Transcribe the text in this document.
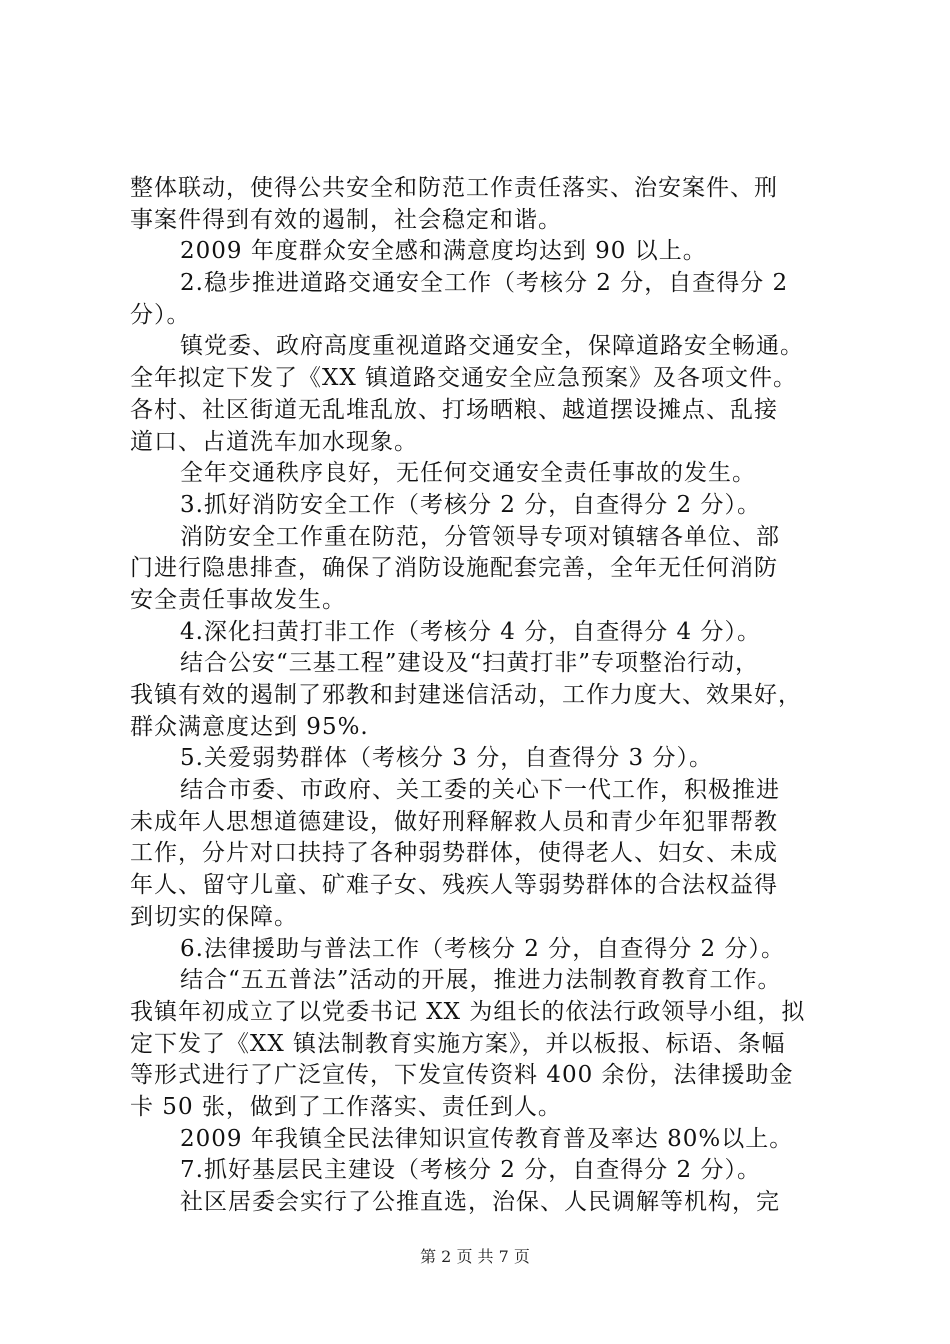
整体联动，使得公共安全和防范工作责任落实、治安案件、刑
事案件得到有效的遏制，社会稳定和谐。
2009 年度群众安全感和满意度均达到 90 以上。
2.稳步推进道路交通安全工作（考核分 2 分，自查得分 2
分）。
镇党委、政府高度重视道路交通安全，保障道路安全畅通。
全年拟定下发了《XX 镇道路交通安全应急预案》及各项文件。
各村、社区街道无乱堆乱放、打场晒粮、越道摆设摊点、乱接
道口、占道洗车加水现象。
全年交通秩序良好，无任何交通安全责任事故的发生。
3.抓好消防安全工作（考核分 2 分，自查得分 2 分）。
消防安全工作重在防范，分管领导专项对镇辖各单位、部
门进行隐患排查，确保了消防设施配套完善，全年无任何消防
安全责任事故发生。
4.深化扫黄打非工作（考核分 4 分，自查得分 4 分）。
结合公安“三基工程”建设及“扫黄打非”专项整治行动，
我镇有效的遏制了邪教和封建迷信活动，工作力度大、效果好，
群众满意度达到 95%.
5.关爱弱势群体（考核分 3 分，自查得分 3 分）。
结合市委、市政府、关工委的关心下一代工作，积极推进
未成年人思想道德建设，做好刑释解救人员和青少年犯罪帮教
工作，分片对口扶持了各种弱势群体，使得老人、妇女、未成
年人、留守儿童、矿难子女、残疾人等弱势群体的合法权益得
到切实的保障。
6.法律援助与普法工作（考核分 2 分，自查得分 2 分）。
结合“五五普法”活动的开展，推进力法制教育教育工作。
我镇年初成立了以党委书记 XX 为组长的依法行政领导小组，拟
定下发了《XX 镇法制教育实施方案》，并以板报、标语、条幅
等形式进行了广泛宣传，下发宣传资料 400 余份，法律援助金
卡 50 张，做到了工作落实、责任到人。
2009 年我镇全民法律知识宣传教育普及率达 80%以上。
7.抓好基层民主建设（考核分 2 分，自查得分 2 分）。
社区居委会实行了公推直选，治保、人民调解等机构，完
第 2 页 共 7 页
